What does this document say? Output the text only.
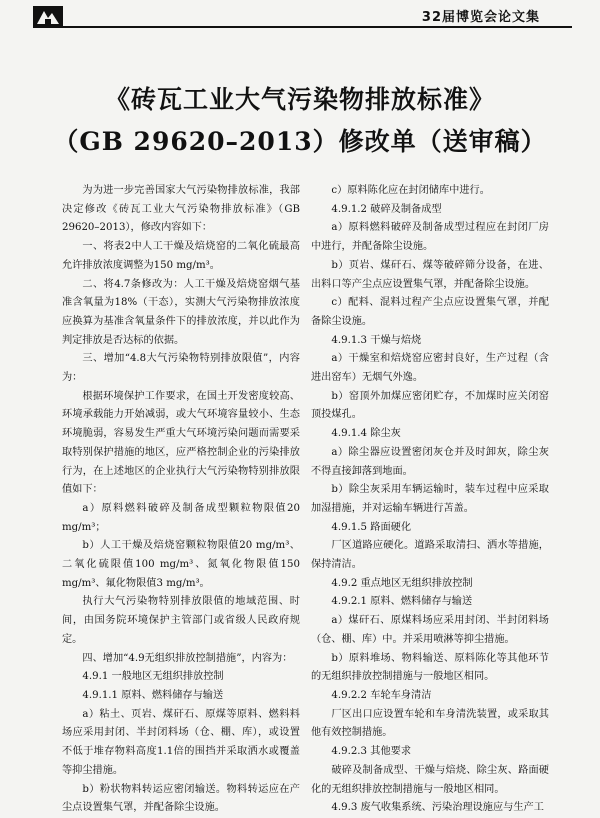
32届博览会论文集
《砖瓦工业大气污染物排放标准》
（GB 29620–2013）修改单（送审稿）

为为进一步完善国家大气污染物排放标准，我部决定修改《砖瓦工业大气污染物排放标准》（GB 29620–2013），修改内容如下：

一、将表2中人工干燥及焙烧窑的二氧化硫最高允许排放浓度调整为150 mg/m³。

二、将4.7条修改为：人工干燥及焙烧窑烟气基准含氧量为18%（干态），实测大气污染物排放浓度应换算为基准含氧量条件下的排放浓度，并以此作为判定排放是否达标的依据。

三、增加“4.8大气污染物特别排放限值”，内容为：

根据环境保护工作要求，在国土开发密度较高、环境承载能力开始减弱，或大气环境容量较小、生态环境脆弱，容易发生严重大气环境污染问题而需要采取特别保护措施的地区，应严格控制企业的污染排放行为，在上述地区的企业执行大气污染物特别排放限值如下：

a）原料燃料破碎及制备成型颗粒物限值20 mg/m³；

b）人工干燥及焙烧窑颗粒物限值20 mg/m³、二氧化硫限值100 mg/m³、氮氧化物限值150 mg/m³、氟化物限值3 mg/m³。

执行大气污染物特别排放限值的地域范围、时间，由国务院环境保护主管部门或省级人民政府规定。

四、增加“4.9无组织排放控制措施”，内容为：

4.9.1 一般地区无组织排放控制

4.9.1.1 原料、燃料储存与输送

a）粘土、页岩、煤矸石、原煤等原料、燃料料场应采用封闭、半封闭料场（仓、棚、库），或设置不低于堆存物料高度1.1倍的围挡并采取洒水或覆盖等抑尘措施。

b）粉状物料转运应密闭输送。物料转运应在产尘点设置集气罩，并配备除尘设施。

c）原料陈化应在封闭储库中进行。

4.9.1.2 破碎及制备成型

a）原料燃料破碎及制备成型过程应在封闭厂房中进行，并配备除尘设施。

b）页岩、煤矸石、煤等破碎筛分设备，在进、出料口等产尘点应设置集气罩，并配备除尘设施。

c）配料、混料过程产尘点应设置集气罩，并配备除尘设施。

4.9.1.3 干燥与焙烧

a）干燥室和焙烧窑应密封良好，生产过程（含进出窑车）无烟气外逸。

b）窑顶外加煤应密闭贮存，不加煤时应关闭窑顶投煤孔。

4.9.1.4 除尘灰

a）除尘器应设置密闭灰仓并及时卸灰，除尘灰不得直接卸落到地面。

b）除尘灰采用车辆运输时，装车过程中应采取加湿措施，并对运输车辆进行苫盖。

4.9.1.5 路面硬化

厂区道路应硬化。道路采取清扫、洒水等措施，保持清洁。

4.9.2 重点地区无组织排放控制

4.9.2.1 原料、燃料储存与输送

a）煤矸石、原煤料场应采用封闭、半封闭料场（仓、棚、库）中。并采用喷淋等抑尘措施。

b）原料堆场、物料输送、原料陈化等其他环节的无组织排放控制措施与一般地区相同。

4.9.2.2 车轮车身清洁

厂区出口应设置车轮和车身清洗装置，或采取其他有效控制措施。

4.9.2.3 其他要求

破碎及制备成型、干燥与焙烧、除尘灰、路面硬化的无组织排放控制措施与一般地区相同。

4.9.3 废气收集系统、污染治理设施应与生产工
